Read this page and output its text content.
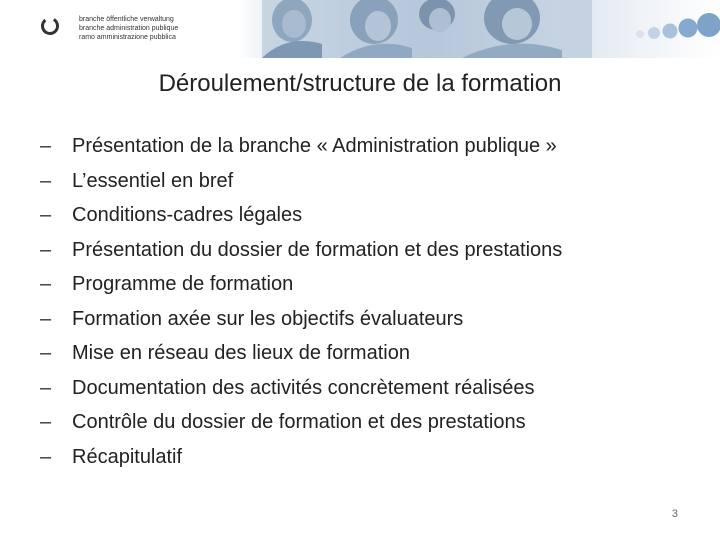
branche öffentliche verwaltung
branche administration publique
ramo amministrazione pubblica
Déroulement/structure de la formation
–	Présentation de la branche « Administration publique »
–	L’essentiel en bref
–	Conditions-cadres légales
–	Présentation du dossier de formation et des prestations
–	Programme de formation
–	Formation axée sur les objectifs évaluateurs
–	Mise en réseau des lieux de formation
–	Documentation des activités concrètement réalisées
–	Contrôle du dossier de formation et des prestations
–	Récapitulatif
3
